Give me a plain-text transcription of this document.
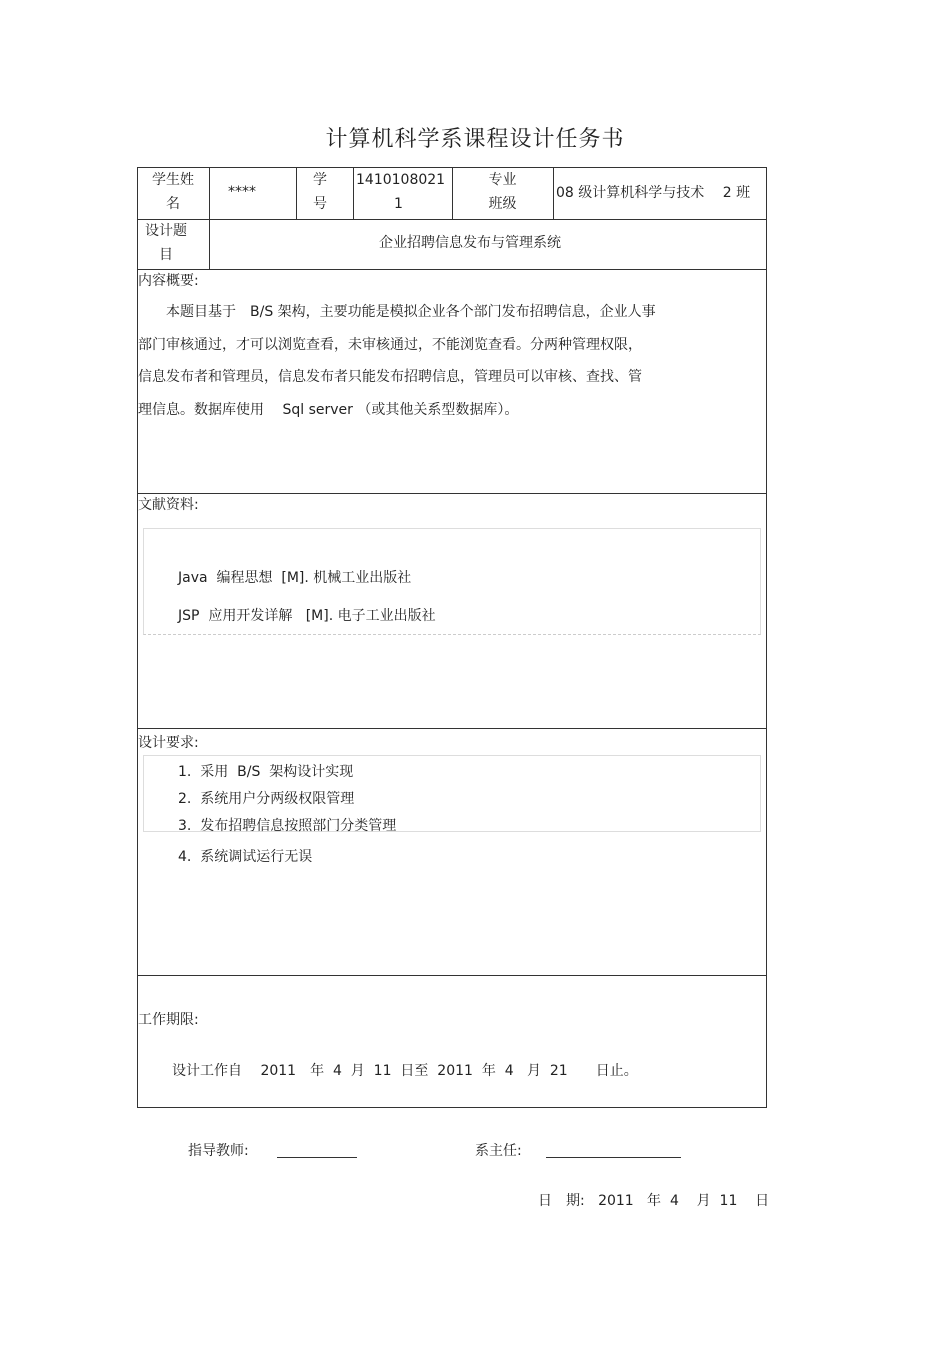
计算机科学系课程设计任务书
学生姓
名
****
学
号
1410108021
1
专业
班级
08 级计算机科学与技术　 2 班
设计题
目
企业招聘信息发布与管理系统
内容概要:
　　本题目基于　B/S 架构，主要功能是模拟企业各个部门发布招聘信息，企业人事
部门审核通过，才可以浏览查看，未审核通过，不能浏览查看。分两种管理权限，
信息发布者和管理员，信息发布者只能发布招聘信息，管理员可以审核、查找、管
理信息。数据库使用　 Sql server （或其他关系型数据库）。
文献资料:
Java  编程思想  [M]. 机械工业出版社
JSP  应用开发详解   [M]. 电子工业出版社
设计要求:
1.  采用  B/S  架构设计实现
2.  系统用户分两级权限管理
3.  发布招聘信息按照部门分类管理
4.  系统调试运行无误
工作期限:
设计工作自　 2011　年  4  月  11  日至  2011  年  4   月  21　　日止。
指导教师:	系主任:
日　期:   2011   年  4    月  11    日
